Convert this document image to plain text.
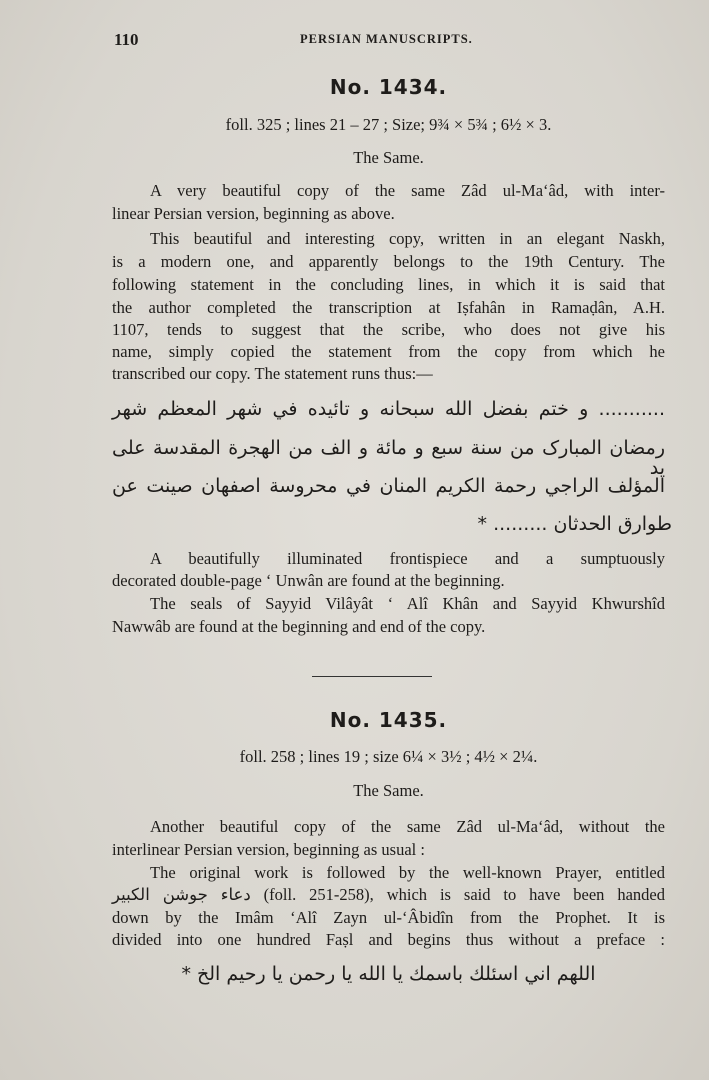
110	PERSIAN MANUSCRIPTS.
No. 1434.
foll. 325 ; lines 21 – 27 ; Size; 9¾ × 5¾ ; 6½ × 3.
The Same.
A very beautiful copy of the same Zâd ul-Ma‘âd, with inter-
linear Persian version, beginning as above.
This beautiful and interesting copy, written in an elegant Naskh,
is a modern one, and apparently belongs to the 19th Century. The
following statement in the concluding lines, in which it is said that
the author completed the transcription at Iṣfahân in Ramaḍân, A.H.
1107, tends to suggest that the scribe, who does not give his
name, simply copied the statement from the copy from which he
transcribed our copy. The statement runs thus:—
........... و ختم بفضل الله سبحانه و تائيده في شهر المعظم شهر
رمضان المبارک من سنة سبع و مائة و الف من الهجرة المقدسة على يد
المؤلف الراجي رحمة الكريم المنان في محروسة اصفهان صينت عن
طوارق الحدثان ......... *
A beautifully illuminated frontispiece and a sumptuously
decorated double-page ‘ Unwân are found at the beginning.
The seals of Sayyid Vilâyât ‘ Alî Khân and Sayyid Khwurshîd
Nawwâb are found at the beginning and end of the copy.
No. 1435.
foll. 258 ; lines 19 ; size 6¼ × 3½ ; 4½ × 2¼.
The Same.
Another beautiful copy of the same Zâd ul-Ma‘âd, without the
interlinear Persian version, beginning as usual :
The original work is followed by the well-known Prayer, entitled
دعاء جوشن الكبير (foll. 251-258), which is said to have been handed
down by the Imâm ‘Alî Zayn ul-‘Âbidîn from the Prophet. It is
divided into one hundred Faṣl and begins thus without a preface :
اللهم اني اسئلك باسمك يا الله يا رحمن يا رحيم الخ *
